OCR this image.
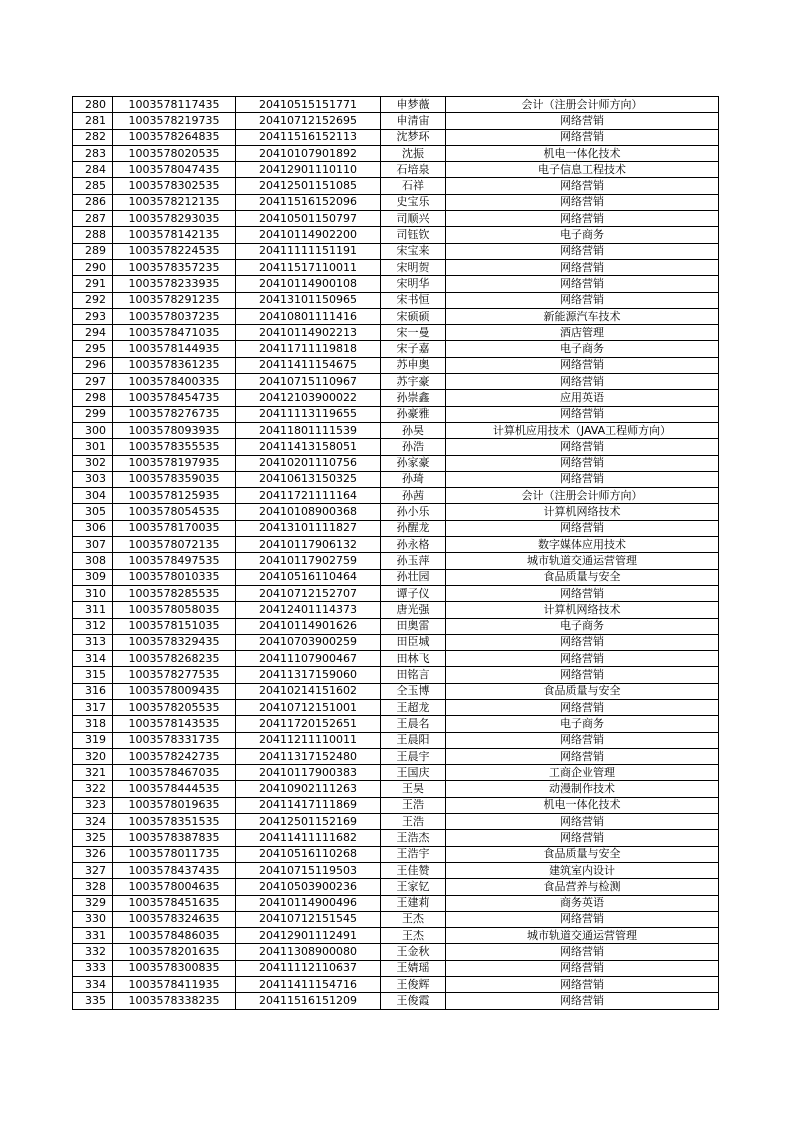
280	1003578117435	20410515151771	申梦薇	会计（注册会计师方向）
281	1003578219735	20410712152695	申清宙	网络营销
282	1003578264835	20411516152113	沈梦环	网络营销
283	1003578020535	20410107901892	沈振	机电一体化技术
284	1003578047435	20412901110110	石培泉	电子信息工程技术
285	1003578302535	20412501151085	石祥	网络营销
286	1003578212135	20411516152096	史宝乐	网络营销
287	1003578293035	20410501150797	司顺兴	网络营销
288	1003578142135	20410114902200	司钰钦	电子商务
289	1003578224535	20411111151191	宋宝来	网络营销
290	1003578357235	20411517110011	宋明贺	网络营销
291	1003578233935	20410114900108	宋明华	网络营销
292	1003578291235	20413101150965	宋书恒	网络营销
293	1003578037235	20410801111416	宋硕硕	新能源汽车技术
294	1003578471035	20410114902213	宋一曼	酒店管理
295	1003578144935	20411711119818	宋子嘉	电子商务
296	1003578361235	20411411154675	苏申奥	网络营销
297	1003578400335	20410715110967	苏宇豪	网络营销
298	1003578454735	20412103900022	孙崇鑫	应用英语
299	1003578276735	20411113119655	孙豪雅	网络营销
300	1003578093935	20411801111539	孙昊	计算机应用技术（JAVA工程师方向）
301	1003578355535	20411413158051	孙浩	网络营销
302	1003578197935	20410201110756	孙家豪	网络营销
303	1003578359035	20410613150325	孙琦	网络营销
304	1003578125935	20411721111164	孙茜	会计（注册会计师方向）
305	1003578054535	20410108900368	孙小乐	计算机网络技术
306	1003578170035	20413101111827	孙醒龙	网络营销
307	1003578072135	20410117906132	孙永格	数字媒体应用技术
308	1003578497535	20410117902759	孙玉萍	城市轨道交通运营管理
309	1003578010335	20410516110464	孙壮园	食品质量与安全
310	1003578285535	20410712152707	谭子仪	网络营销
311	1003578058035	20412401114373	唐光强	计算机网络技术
312	1003578151035	20410114901626	田奥雷	电子商务
313	1003578329435	20410703900259	田臣城	网络营销
314	1003578268235	20411107900467	田林飞	网络营销
315	1003578277535	20411317159060	田铭言	网络营销
316	1003578009435	20410214151602	仝玉博	食品质量与安全
317	1003578205535	20410712151001	王超龙	网络营销
318	1003578143535	20411720152651	王晨名	电子商务
319	1003578331735	20411211110011	王晨阳	网络营销
320	1003578242735	20411317152480	王晨宇	网络营销
321	1003578467035	20410117900383	王国庆	工商企业管理
322	1003578444535	20410902111263	王昊	动漫制作技术
323	1003578019635	20411417111869	王浩	机电一体化技术
324	1003578351535	20412501152169	王浩	网络营销
325	1003578387835	20411411111682	王浩杰	网络营销
326	1003578011735	20410516110268	王浩宇	食品质量与安全
327	1003578437435	20410715119503	王佳赞	建筑室内设计
328	1003578004635	20410503900236	王家钇	食品营养与检测
329	1003578451635	20410114900496	王建莉	商务英语
330	1003578324635	20410712151545	王杰	网络营销
331	1003578486035	20412901112491	王杰	城市轨道交通运营管理
332	1003578201635	20411308900080	王金秋	网络营销
333	1003578300835	20411112110637	王婧瑶	网络营销
334	1003578411935	20411411154716	王俊辉	网络营销
335	1003578338235	20411516151209	王俊霞	网络营销
